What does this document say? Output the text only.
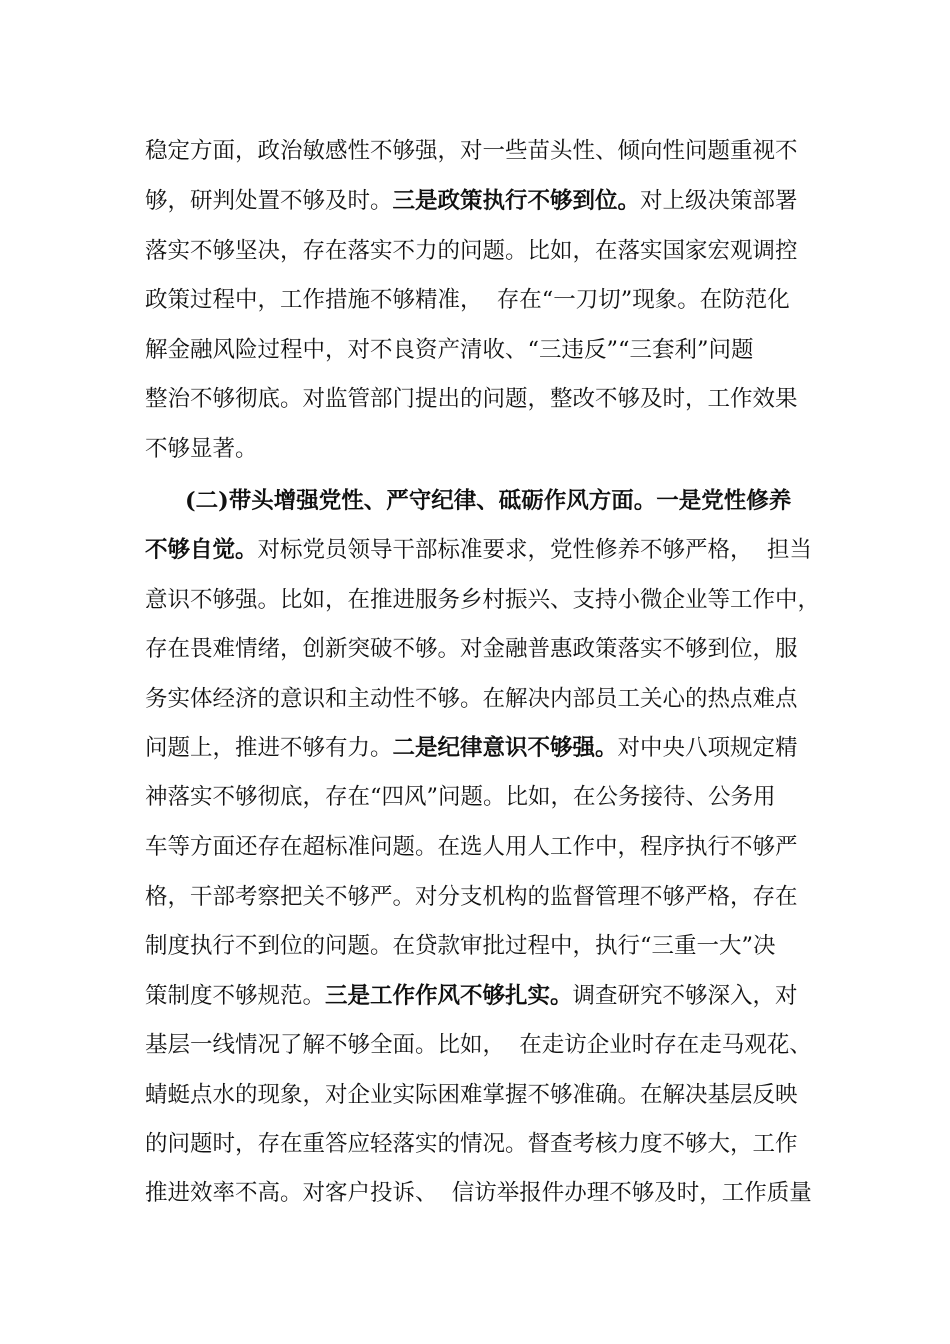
稳定方面，政治敏感性不够强，对一些苗头性、倾向性问题重视不
够，研判处置不够及时。三是政策执行不够到位。对上级决策部署
落实不够坚决，存在落实不力的问题。比如，在落实国家宏观调控
政策过程中，工作措施不够精准，  存在“一刀切”现象。在防范化
解金融风险过程中，对不良资产清收、“三违反”“三套利”问题
整治不够彻底。对监管部门提出的问题，整改不够及时，工作效果
不够显著。
(二)带头增强党性、严守纪律、砥砺作风方面。一是党性修养
不够自觉。对标党员领导干部标准要求，党性修养不够严格，  担当
意识不够强。比如，在推进服务乡村振兴、支持小微企业等工作中，
存在畏难情绪，创新突破不够。对金融普惠政策落实不够到位，服
务实体经济的意识和主动性不够。在解决内部员工关心的热点难点
问题上，推进不够有力。二是纪律意识不够强。对中央八项规定精
神落实不够彻底，存在“四风”问题。比如，在公务接待、公务用
车等方面还存在超标准问题。在选人用人工作中，程序执行不够严
格，干部考察把关不够严。对分支机构的监督管理不够严格，存在
制度执行不到位的问题。在贷款审批过程中，执行“三重一大”决
策制度不够规范。三是工作作风不够扎实。调查研究不够深入，对
基层一线情况了解不够全面。比如，  在走访企业时存在走马观花、
蜻蜓点水的现象，对企业实际困难掌握不够准确。在解决基层反映
的问题时，存在重答应轻落实的情况。督查考核力度不够大，工作
推进效率不高。对客户投诉、  信访举报件办理不够及时，工作质量
